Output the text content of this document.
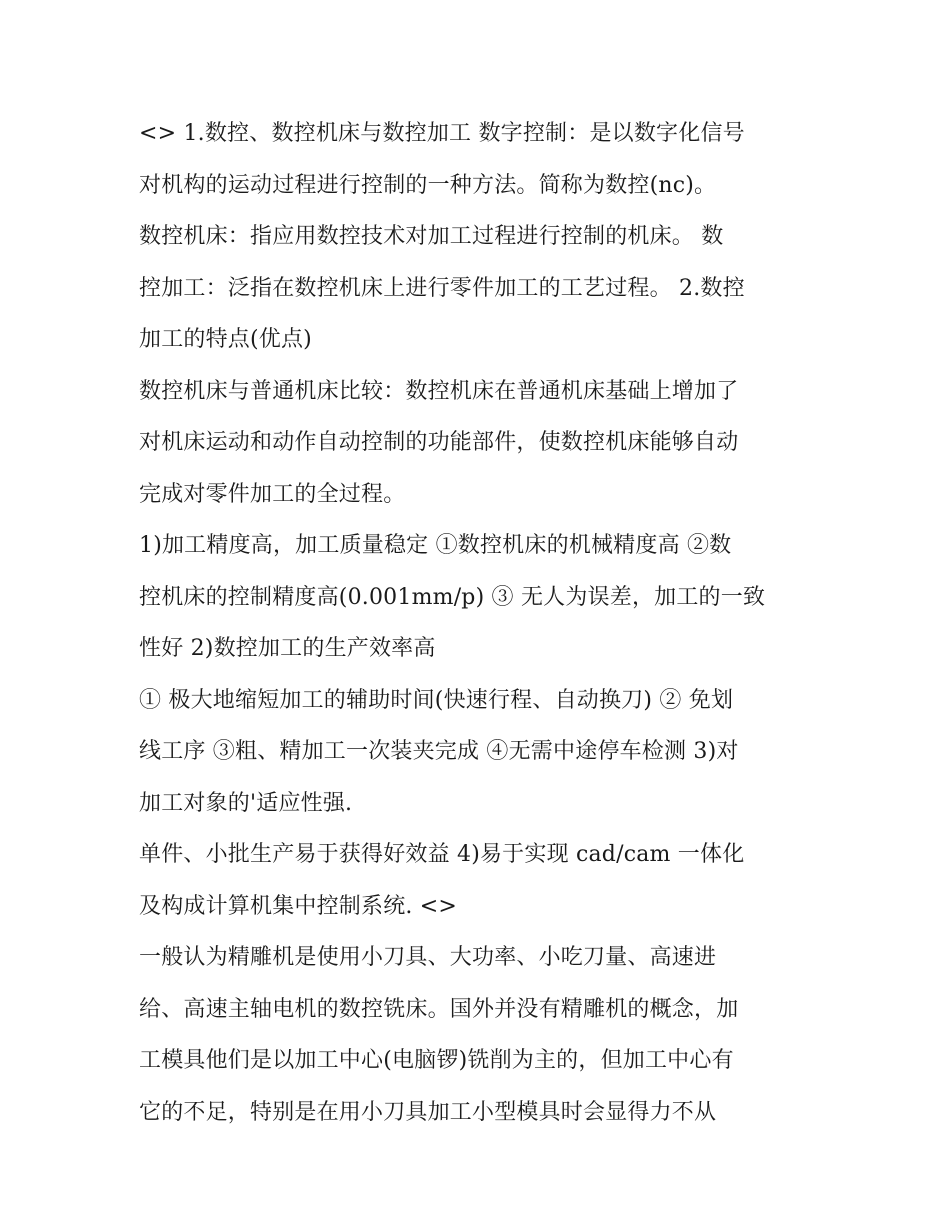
<> 1.数控、数控机床与数控加工 数字控制：是以数字化信号
对机构的运动过程进行控制的一种方法。简称为数控(nc)。
数控机床：指应用数控技术对加工过程进行控制的机床。 数
控加工：泛指在数控机床上进行零件加工的工艺过程。 2.数控
加工的特点(优点)
数控机床与普通机床比较：数控机床在普通机床基础上增加了
对机床运动和动作自动控制的功能部件，使数控机床能够自动
完成对零件加工的全过程。
1)加工精度高，加工质量稳定 ①数控机床的机械精度高 ②数
控机床的控制精度高(0.001mm/p) ③ 无人为误差，加工的一致
性好 2)数控加工的生产效率高
① 极大地缩短加工的辅助时间(快速行程、自动换刀) ② 免划
线工序 ③粗、精加工一次装夹完成 ④无需中途停车检测 3)对
加工对象的'适应性强.
单件、小批生产易于获得好效益 4)易于实现 cad/cam 一体化
及构成计算机集中控制系统. <>
一般认为精雕机是使用小刀具、大功率、小吃刀量、高速进
给、高速主轴电机的数控铣床。国外并没有精雕机的概念，加
工模具他们是以加工中心(电脑锣)铣削为主的，但加工中心有
它的不足，特别是在用小刀具加工小型模具时会显得力不从
